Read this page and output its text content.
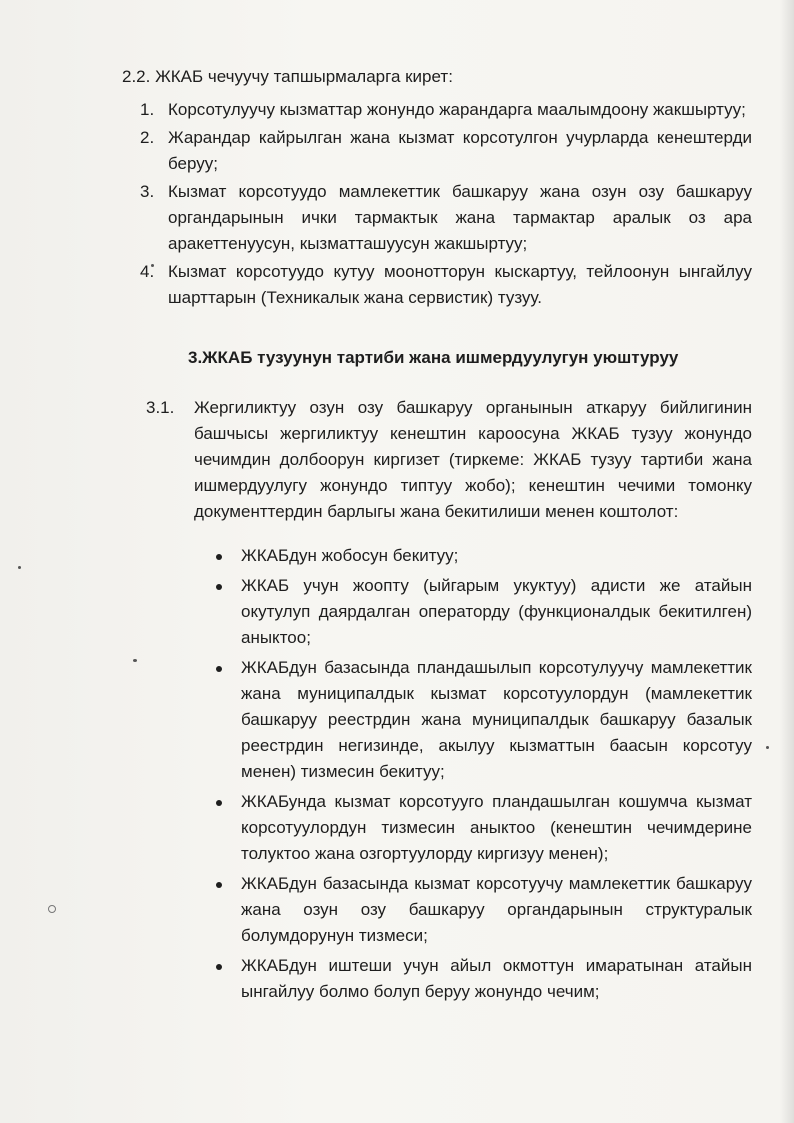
2.2. ЖКАБ чечуучу тапшырмаларга кирет:
1. Корсотулуучу кызматтар жонундо жарандарга маалымдоону жакшыртуу;
2. Жарандар кайрылган жана кызмат корсотулгон учурларда кенештерди беруу;
3. Кызмат корсотуудо мамлекеттик башкаруу жана озун озу башкаруу органдарынын ички тармактык жана тармактар аралык оз ара аракеттенуусун, кызматташуусун жакшыртуу;
4. Кызмат корсотуудо кутуу моонотторун кыскартуу, тейлоонун ынгайлуу шарттарын (Техникалык жана сервистик) тузуу.
3.ЖКАБ тузуунун тартиби жана ишмердуулугун уюштуруу
3.1. Жергиликтуу озун озу башкаруу органынын аткаруу бийлигинин башчысы жергиликтуу кенештин кароосуна ЖКАБ тузуу жонундо чечимдин долбоорун киргизет (тиркеме: ЖКАБ тузуу тартиби жана ишмердуулугу жонундо типтуу жобо); кенештин чечими томонку документтердин барлыгы жана бекитилиши менен коштолот:
ЖКАБдун жобосун бекитуу;
ЖКАБ учун жоопту (ыйгарым укуктуу) адисти же атайын окутулуп даярдалган операторду (функционалдык бекитилген) аныктоо;
ЖКАБдун базасында пландашылып корсотулуучу мамлекеттик жана муниципалдык кызмат корсотуулордун (мамлекеттик башкаруу реестрдин жана муниципалдык башкаруу базалык реестрдин негизинде, акылуу кызматтын баасын корсотуу менен) тизмесин бекитуу;
ЖКАБунда кызмат корсотууго пландашылган кошумча кызмат корсотуулордун тизмесин аныктоо (кенештин чечимдерине толуктоо жана озгортуулорду киргизуу менен);
ЖКАБдун базасында кызмат корсотуучу мамлекеттик башкаруу жана озун озу башкаруу органдарынын структуралык болумдорунун тизмеси;
ЖКАБдун иштеши учун айыл окмоттун имаратынан атайын ынгайлуу болмо болуп беруу жонундо чечим;
